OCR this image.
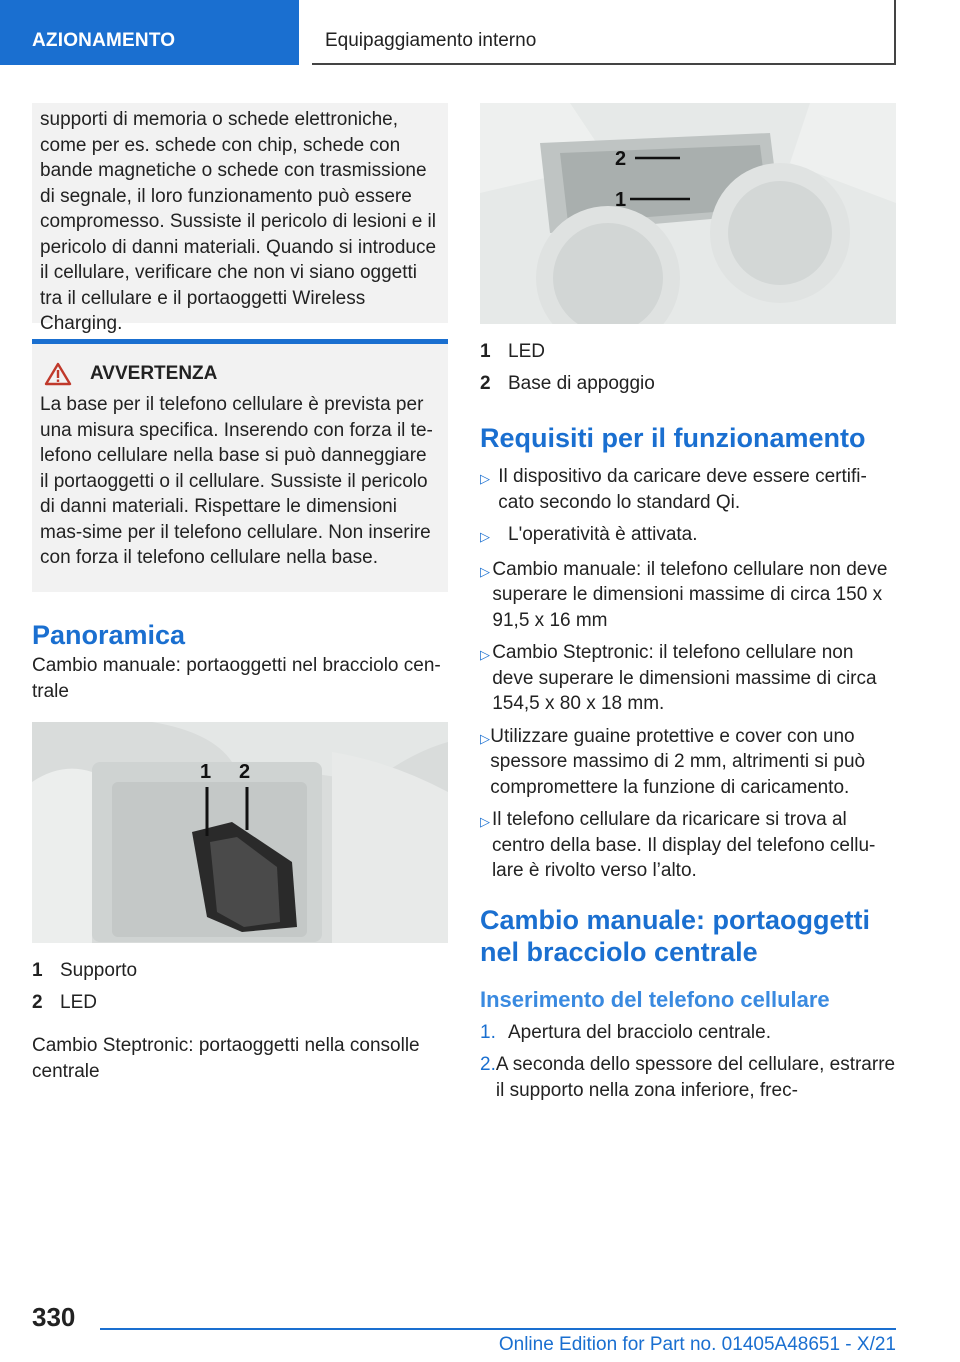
AZIONAMENTO	Equipaggiamento interno

supporti di memoria o schede elettroniche, come per es. schede con chip, schede con bande magnetiche o schede con trasmissione di segnale, il loro funzionamento può essere compromesso. Sussiste il pericolo di lesioni e il pericolo di danni materiali. Quando si introduce il cellulare, verificare che non vi siano oggetti tra il cellulare e il portaoggetti Wireless Charging.

AVVERTENZA

La base per il telefono cellulare è prevista per una misura specifica. Inserendo con forza il te-lefono cellulare nella base si può danneggiare il portaoggetti o il cellulare. Sussiste il pericolo di danni materiali. Rispettare le dimensioni mas-sime per il telefono cellulare. Non inserire con forza il telefono cellulare nella base.

Panoramica

Cambio manuale: portaoggetti nel bracciolo cen-trale

1 2
1 Supporto
2 LED

Cambio Steptronic: portaoggetti nella consolle centrale

2
1
1 LED
2 Base di appoggio
Requisiti per il funzionamento
▷ Il dispositivo da caricare deve essere certifi-cato secondo lo standard Qi.
▷ L'operatività è attivata.
▷ Cambio manuale: il telefono cellulare non deve superare le dimensioni massime di circa 150 x 91,5 x 16 mm
▷ Cambio Steptronic: il telefono cellulare non deve superare le dimensioni massime di circa 154,5 x 80 x 18 mm.
▷ Utilizzare guaine protettive e cover con uno spessore massimo di 2 mm, altrimenti si può compromettere la funzione di caricamento.
▷ Il telefono cellulare da ricaricare si trova al centro della base. Il display del telefono cellu-lare è rivolto verso l’alto.
Cambio manuale: portaoggetti nel bracciolo centrale
Inserimento del telefono cellulare
1. Apertura del bracciolo centrale.
2. A seconda dello spessore del cellulare, estrarre il supporto nella zona inferiore, frec-
330
Online Edition for Part no. 01405A48651 - X/21
